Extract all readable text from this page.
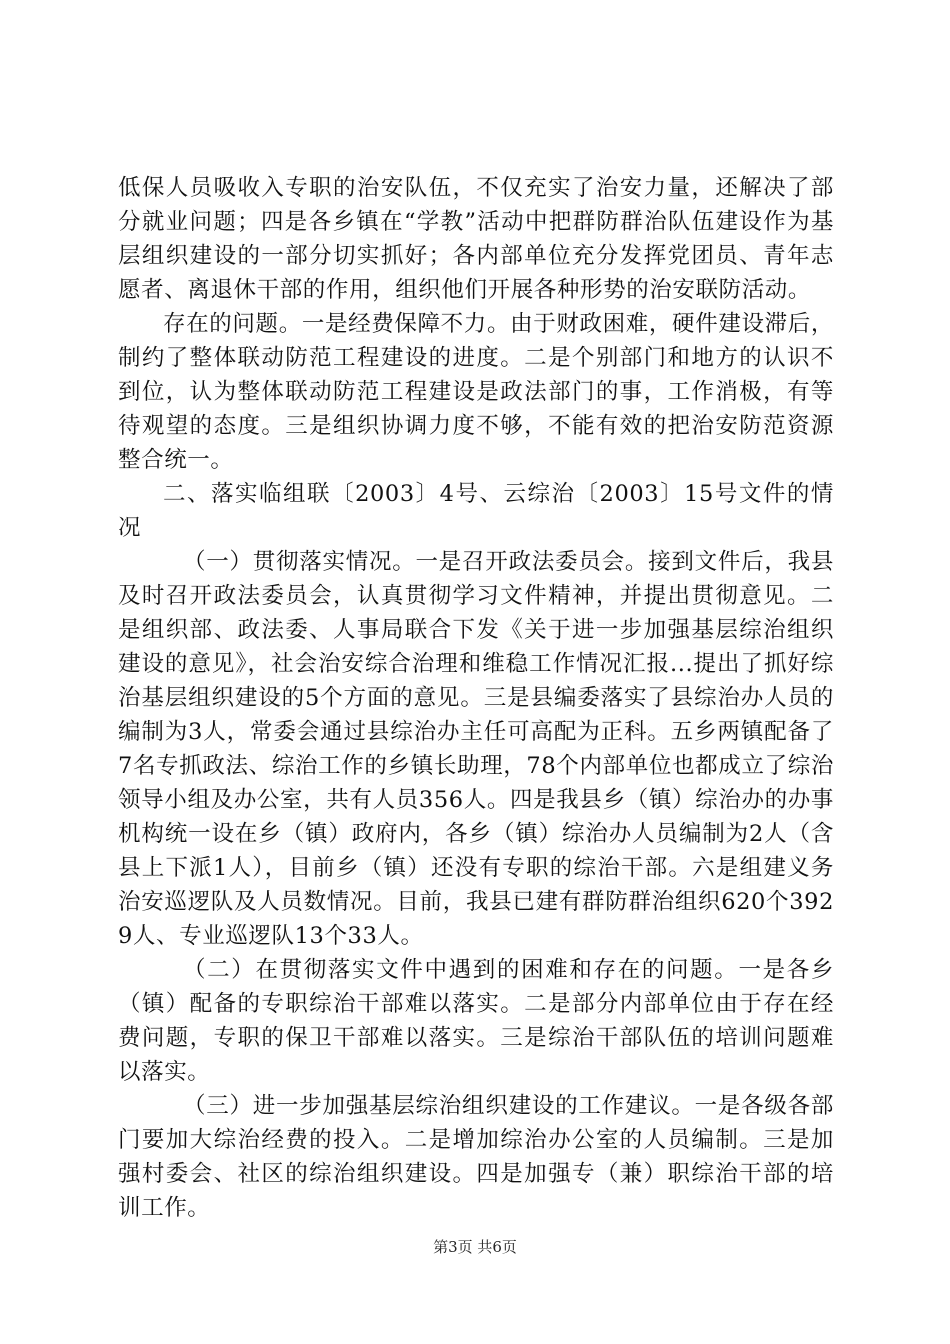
低保人员吸收入专职的治安队伍，不仅充实了治安力量，还解决了部分就业问题；四是各乡镇在“学教”活动中把群防群治队伍建设作为基层组织建设的一部分切实抓好；各内部单位充分发挥党团员、青年志愿者、离退休干部的作用，组织他们开展各种形势的治安联防活动。

存在的问题。一是经费保障不力。由于财政困难，硬件建设滞后，制约了整体联动防范工程建设的进度。二是个别部门和地方的认识不到位，认为整体联动防范工程建设是政法部门的事，工作消极，有等待观望的态度。三是组织协调力度不够，不能有效的把治安防范资源整合统一。

二、落实临组联〔2003〕4号、云综治〔2003〕15号文件的情况

（一）贯彻落实情况。一是召开政法委员会。接到文件后，我县及时召开政法委员会，认真贯彻学习文件精神，并提出贯彻意见。二是组织部、政法委、人事局联合下发《关于进一步加强基层综治组织建设的意见》，社会治安综合治理和维稳工作情况汇报...提出了抓好综治基层组织建设的5个方面的意见。三是县编委落实了县综治办人员的编制为3人，常委会通过县综治办主任可高配为正科。五乡两镇配备了7名专抓政法、综治工作的乡镇长助理，78个内部单位也都成立了综治领导小组及办公室，共有人员356人。四是我县乡（镇）综治办的办事机构统一设在乡（镇）政府内，各乡（镇）综治办人员编制为2人（含县上下派1人），目前乡（镇）还没有专职的综治干部。六是组建义务治安巡逻队及人员数情况。目前，我县已建有群防群治组织620个3929人、专业巡逻队13个33人。

（二）在贯彻落实文件中遇到的困难和存在的问题。一是各乡（镇）配备的专职综治干部难以落实。二是部分内部单位由于存在经费问题，专职的保卫干部难以落实。三是综治干部队伍的培训问题难以落实。

（三）进一步加强基层综治组织建设的工作建议。一是各级各部门要加大综治经费的投入。二是增加综治办公室的人员编制。三是加强村委会、社区的综治组织建设。四是加强专（兼）职综治干部的培训工作。

第3页 共6页
